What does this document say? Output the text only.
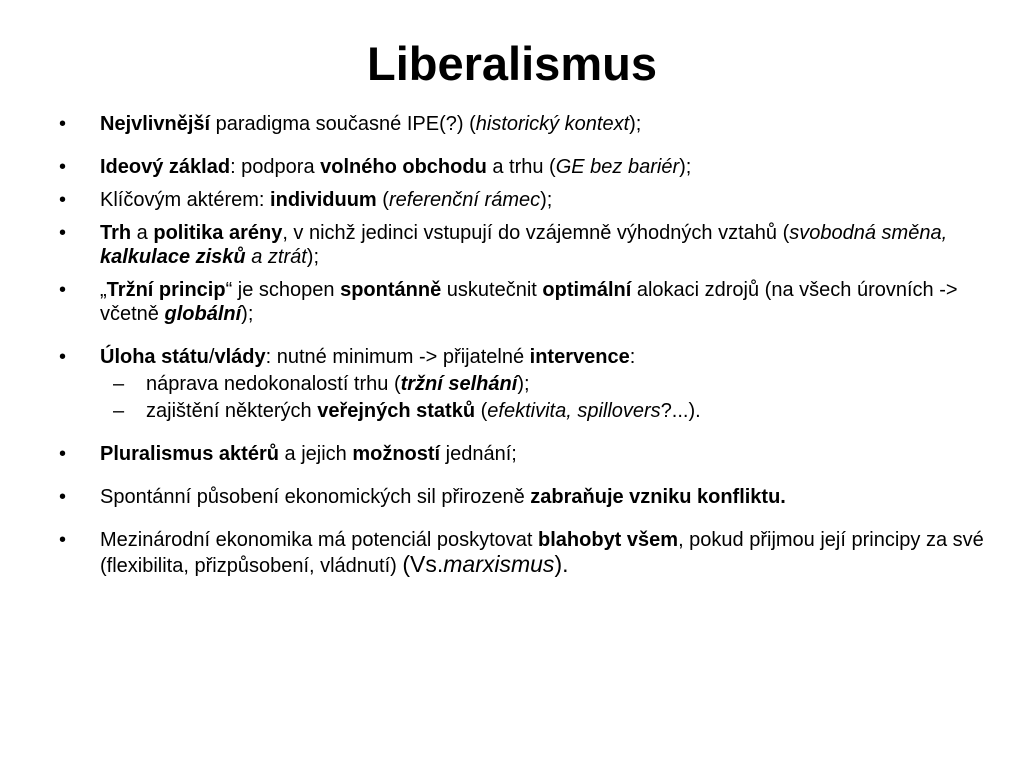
Liberalismus
• Nejvlivnější paradigma současné IPE(?) (historický kontext);
• Ideový základ: podpora volného obchodu a trhu (GE bez bariér);
• Klíčovým aktérem: individuum (referenční rámec);
• Trh a politika arény, v nichž jedinci vstupují do vzájemně výhodných vztahů (svobodná směna, kalkulace zisků a ztrát);
• „Tržní princip“ je schopen spontánně uskutečnit optimální alokaci zdrojů (na všech úrovních -> včetně globální);
• Úloha státu/vlády: nutné minimum -> přijatelné intervence:
– náprava nedokonalostí trhu (tržní selhání);
– zajištění některých veřejných statků (efektivita, spillovers?...).
• Pluralismus aktérů a jejich možností jednání;
• Spontánní působení ekonomických sil přirozeně zabraňuje vzniku konfliktu.
• Mezinárodní ekonomika má potenciál poskytovat blahobyt všem, pokud přijmou její principy za své (flexibilita, přizpůsobení, vládnutí) (Vs.marxismus).
